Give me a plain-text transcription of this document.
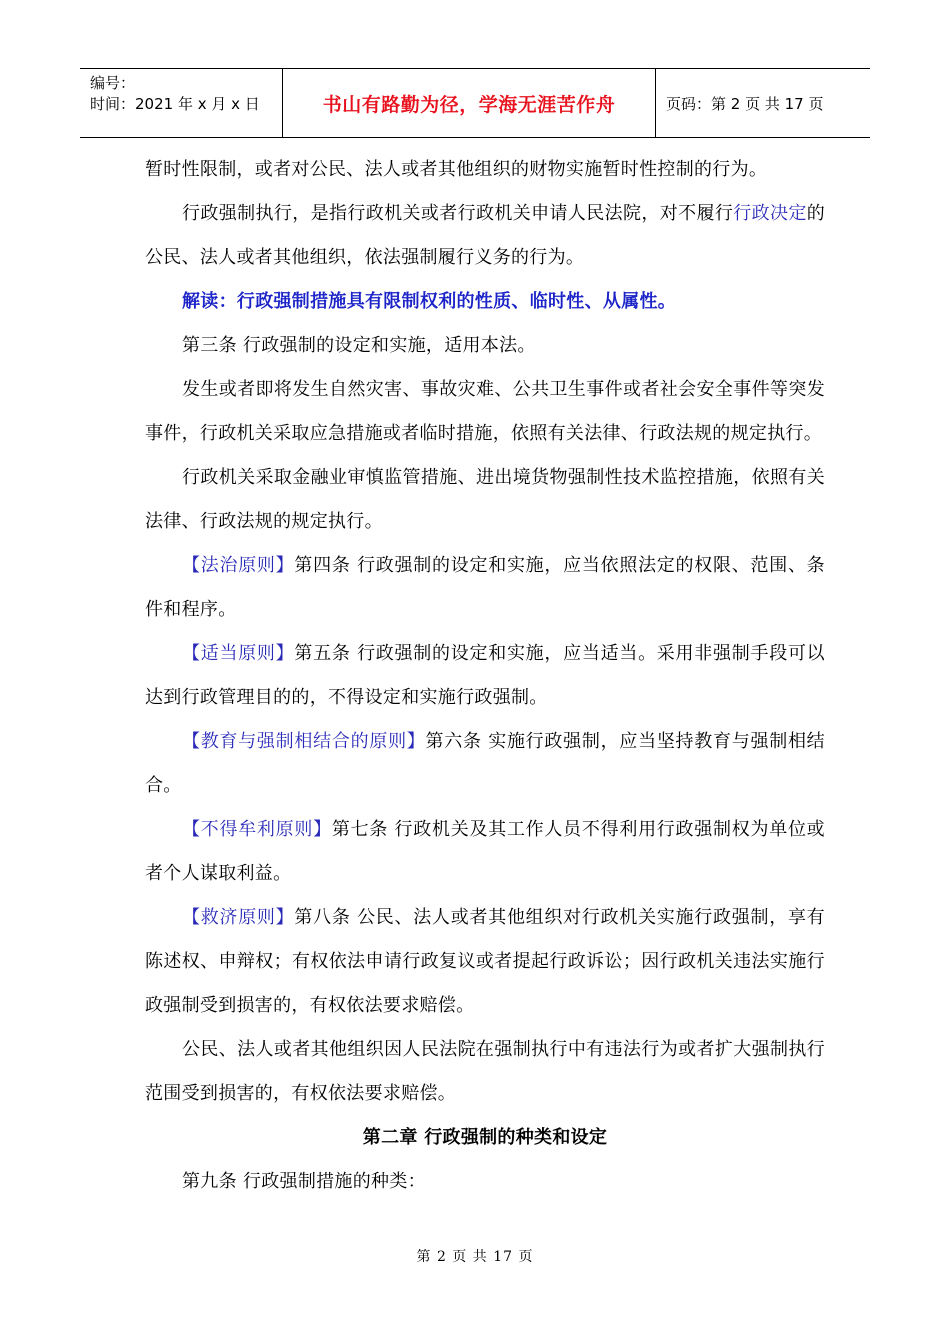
编号：
时间：2021 年 x 月 x 日	书山有路勤为径，学海无涯苦作舟	页码：第 2 页 共 17 页

暂时性限制，或者对公民、法人或者其他组织的财物实施暂时性控制的行为。

行政强制执行，是指行政机关或者行政机关申请人民法院，对不履行行政决定的公民、法人或者其他组织，依法强制履行义务的行为。

解读：行政强制措施具有限制权利的性质、临时性、从属性。

第三条 行政强制的设定和实施，适用本法。

发生或者即将发生自然灾害、事故灾难、公共卫生事件或者社会安全事件等突发事件，行政机关采取应急措施或者临时措施，依照有关法律、行政法规的规定执行。

行政机关采取金融业审慎监管措施、进出境货物强制性技术监控措施，依照有关法律、行政法规的规定执行。

【法治原则】第四条 行政强制的设定和实施，应当依照法定的权限、范围、条件和程序。

【适当原则】第五条 行政强制的设定和实施，应当适当。采用非强制手段可以达到行政管理目的的，不得设定和实施行政强制。

【教育与强制相结合的原则】第六条 实施行政强制，应当坚持教育与强制相结合。

【不得牟利原则】第七条 行政机关及其工作人员不得利用行政强制权为单位或者个人谋取利益。

【救济原则】第八条 公民、法人或者其他组织对行政机关实施行政强制，享有陈述权、申辩权；有权依法申请行政复议或者提起行政诉讼；因行政机关违法实施行政强制受到损害的，有权依法要求赔偿。

公民、法人或者其他组织因人民法院在强制执行中有违法行为或者扩大强制执行范围受到损害的，有权依法要求赔偿。

第二章 行政强制的种类和设定

第九条 行政强制措施的种类：

第 2 页 共 17 页
